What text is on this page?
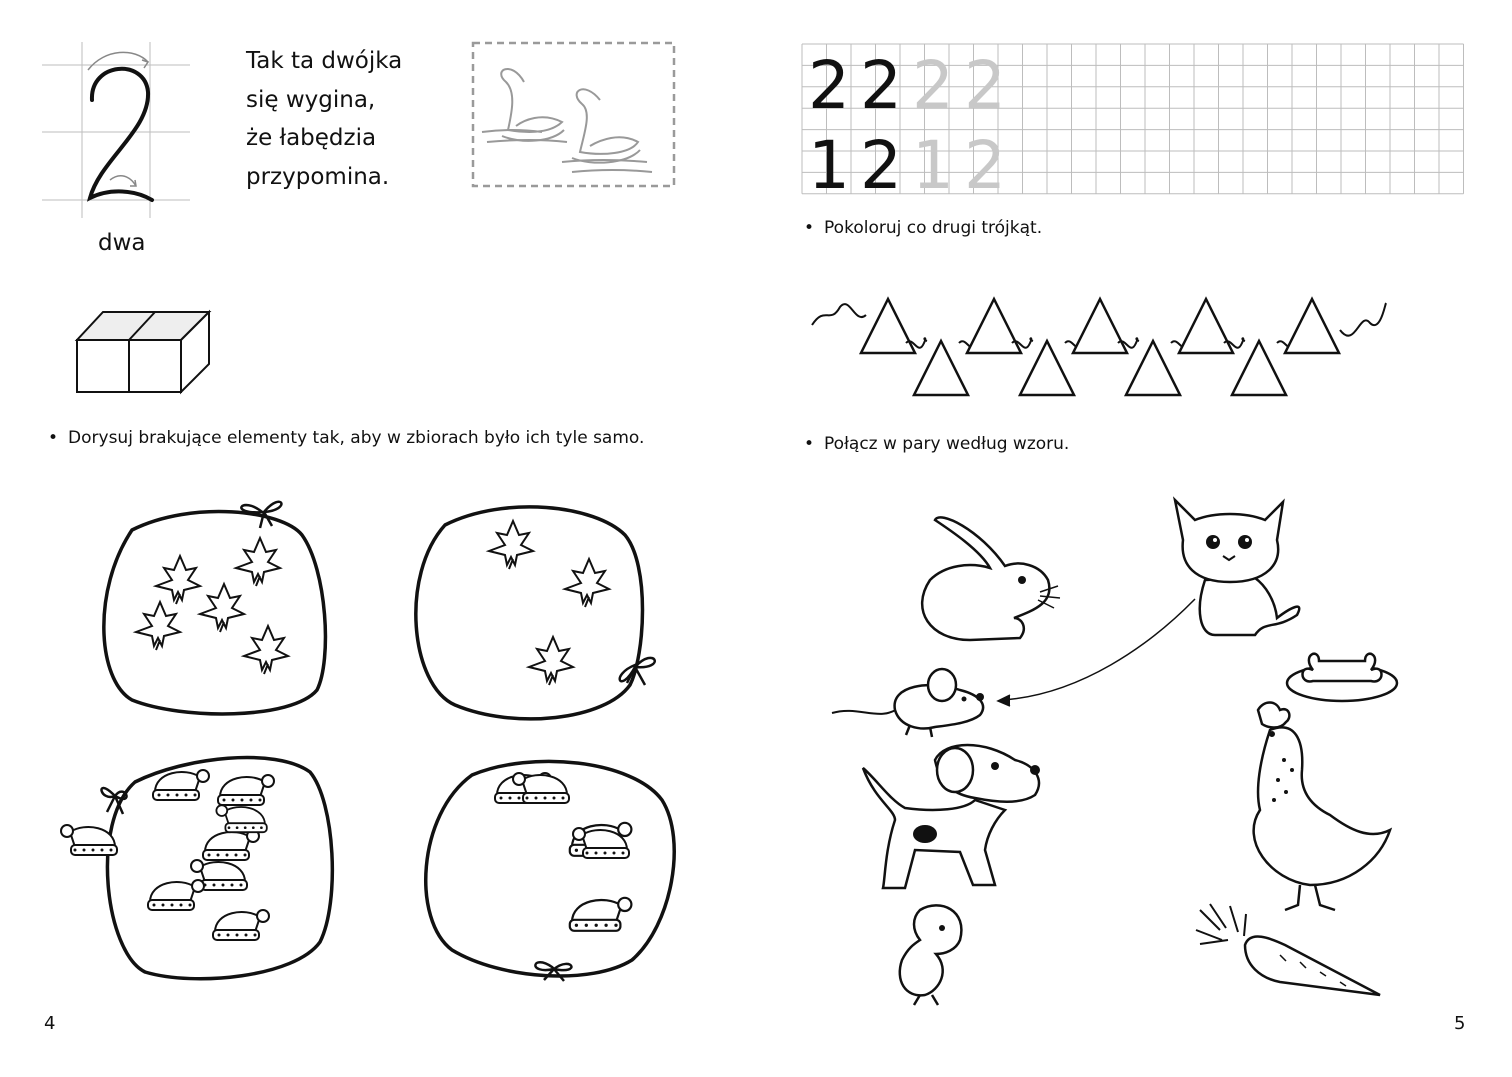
dwa
Tak ta dwójka
się wygina,
że łabędzia
przypomina.
• Dorysuj brakujące elementy tak, aby w zbiorach było ich tyle samo.
4
2 2 2 2
1 2 1 2
• Pokoloruj co drugi trójkąt.
• Połącz w pary według wzoru.
5
